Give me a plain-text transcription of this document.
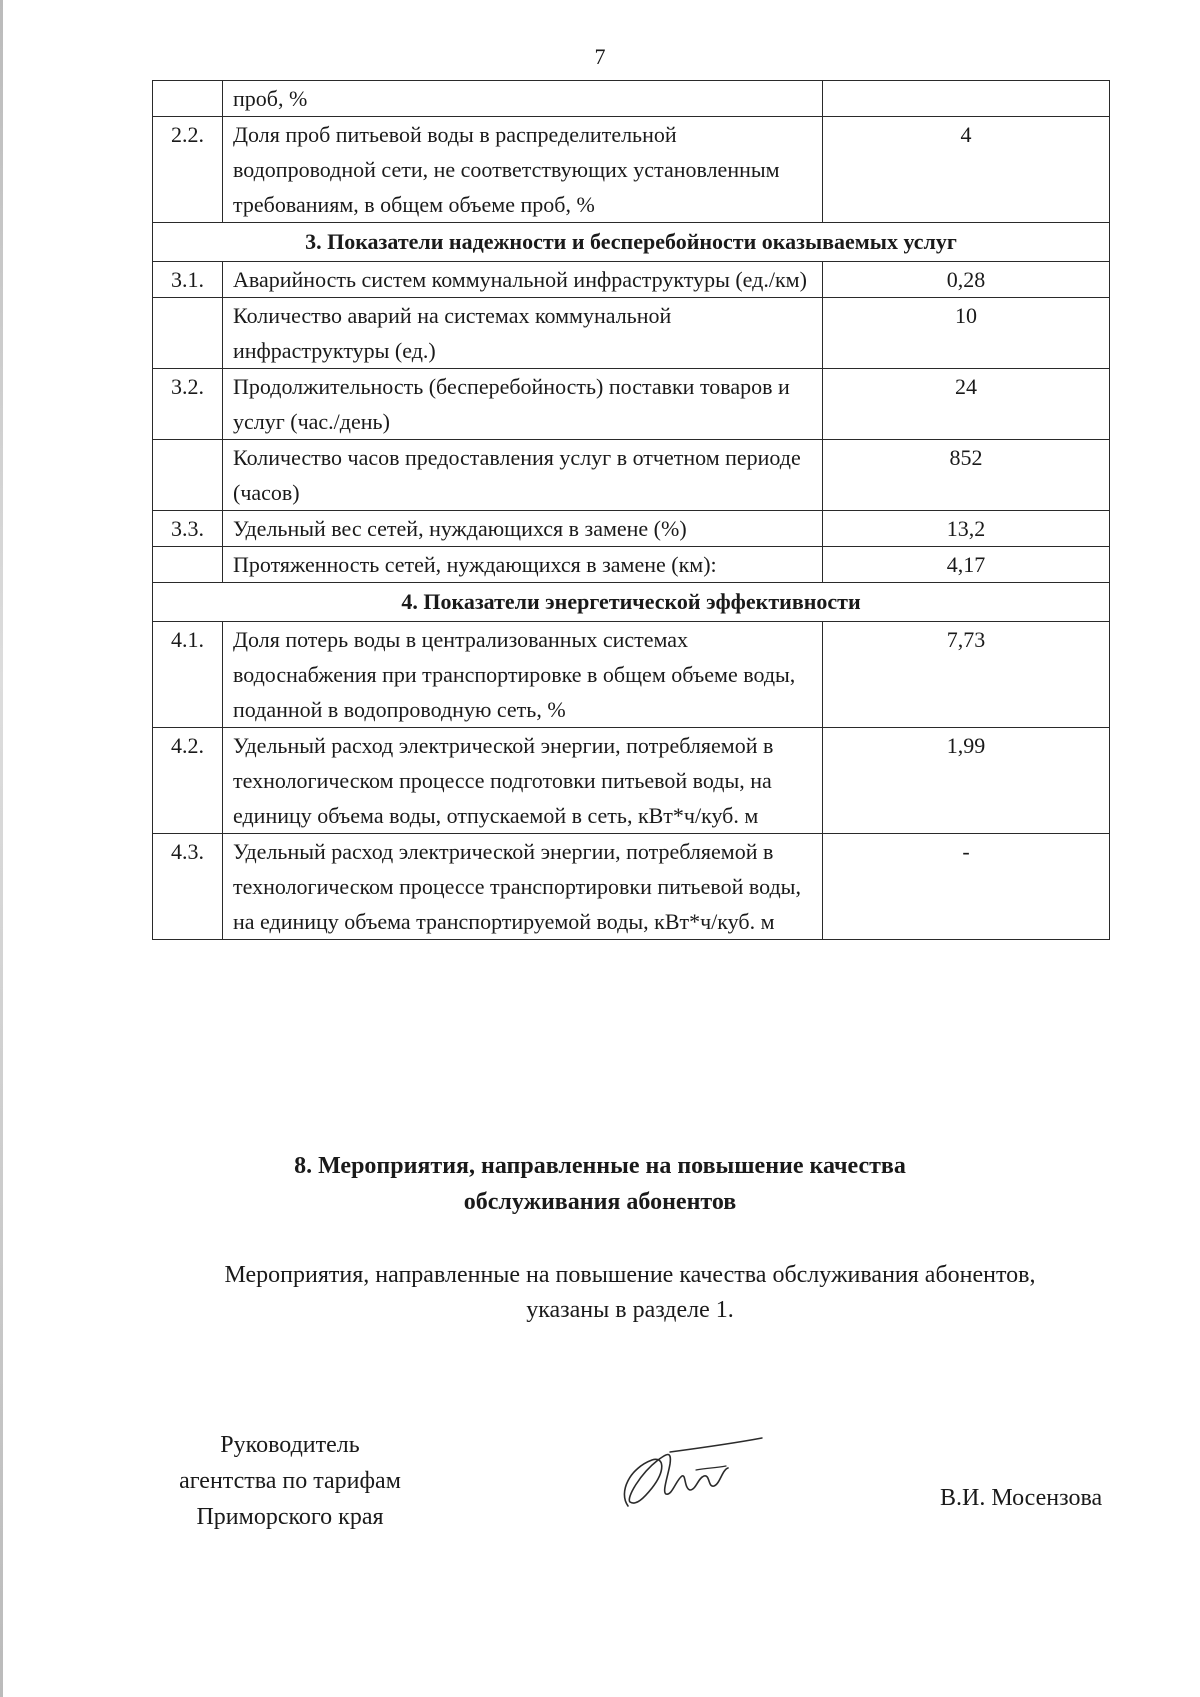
7
	проб, %	
2.2.	Доля проб питьевой воды в распределительной водопроводной сети, не соответствующих установленным требованиям, в общем объеме проб, %	4
3. Показатели надежности и бесперебойности оказываемых услуг		
3.1.	Аварийность систем коммунальной инфраструктуры (ед./км)	0,28
	Количество аварий на системах коммунальной инфраструктуры (ед.)	10
3.2.	Продолжительность (бесперебойность) поставки товаров и услуг (час./день)	24
	Количество часов предоставления услуг в отчетном периоде (часов)	852
3.3.	Удельный вес сетей, нуждающихся в замене (%)	13,2
	Протяженность сетей, нуждающихся в замене (км):	4,17
4. Показатели энергетической эффективности		
4.1.	Доля потерь воды в централизованных системах водоснабжения при транспортировке в общем объеме воды, поданной в водопроводную сеть, %	7,73
4.2.	Удельный расход электрической энергии, потребляемой в технологическом процессе подготовки питьевой воды, на единицу объема воды, отпускаемой в сеть, кВт*ч/куб. м	1,99
4.3.	Удельный расход электрической энергии, потребляемой в технологическом процессе транспортировки питьевой воды, на единицу объема транспортируемой воды, кВт*ч/куб. м	-
8. Мероприятия, направленные на повышение качества
обслуживания абонентов
Мероприятия, направленные на повышение качества обслуживания абонентов,
указаны в разделе 1.
Руководитель
агентства по тарифам
Приморского края
В.И. Мосензова
